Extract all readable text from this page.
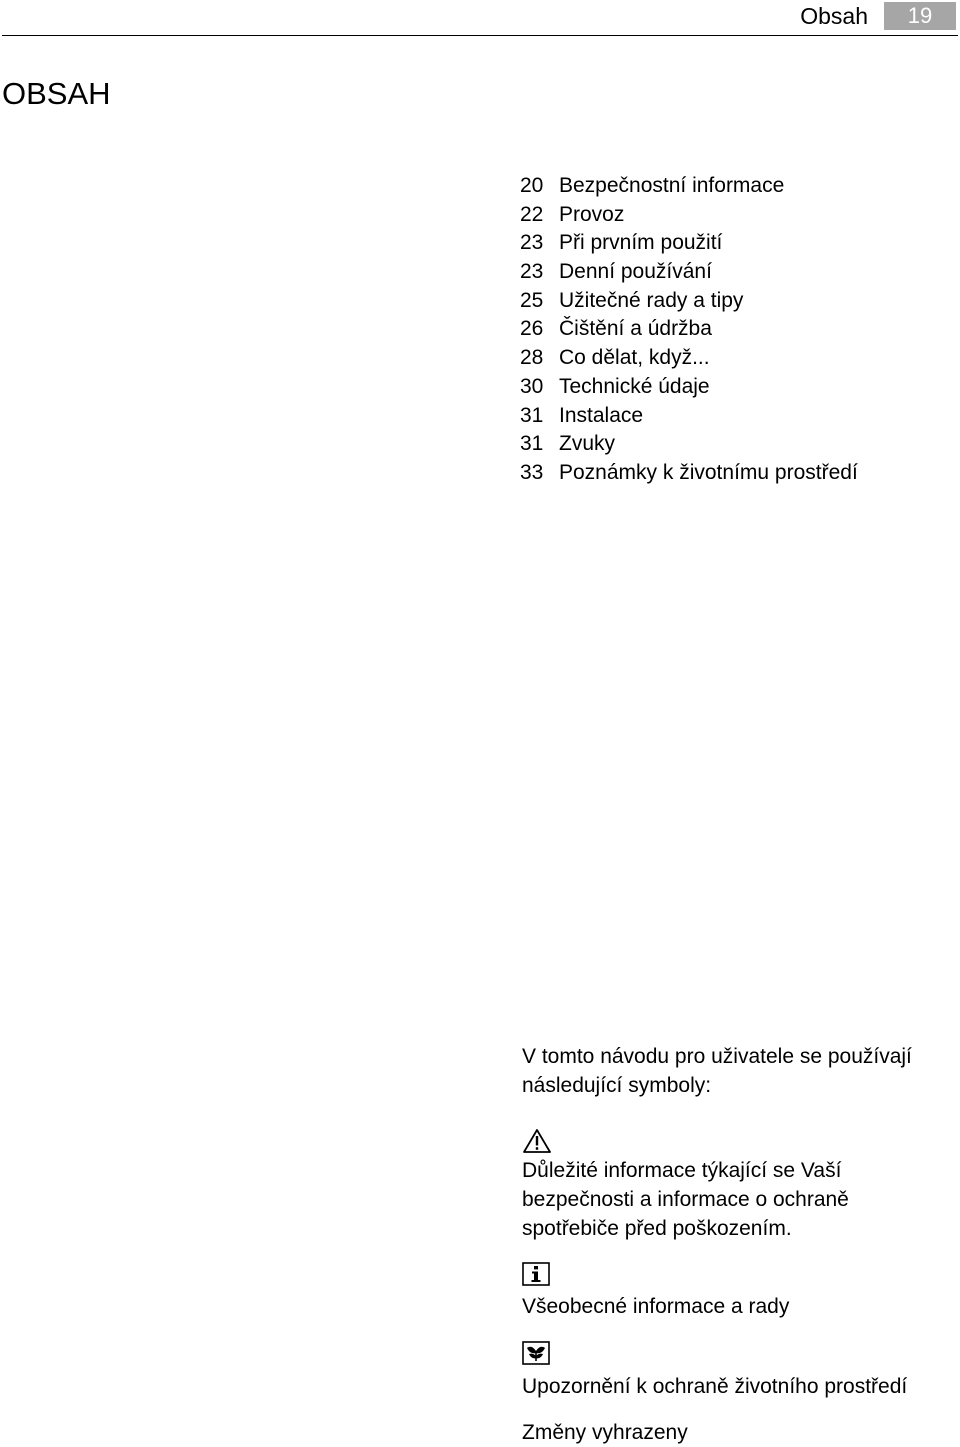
Obsah	19
OBSAH
20 Bezpečnostní informace
22 Provoz
23 Při prvním použití
23 Denní používání
25 Užitečné rady a tipy
26 Čištění a údržba
28 Co dělat, když...
30 Technické údaje
31 Instalace
31 Zvuky
33 Poznámky k životnímu prostředí

V tomto návodu pro uživatele se používají následující symboly:

Důležité informace týkající se Vaší bezpečnosti a informace o ochraně spotřebiče před poškozením.

Všeobecné informace a rady

Upozornění k ochraně životního prostředí

Změny vyhrazeny
